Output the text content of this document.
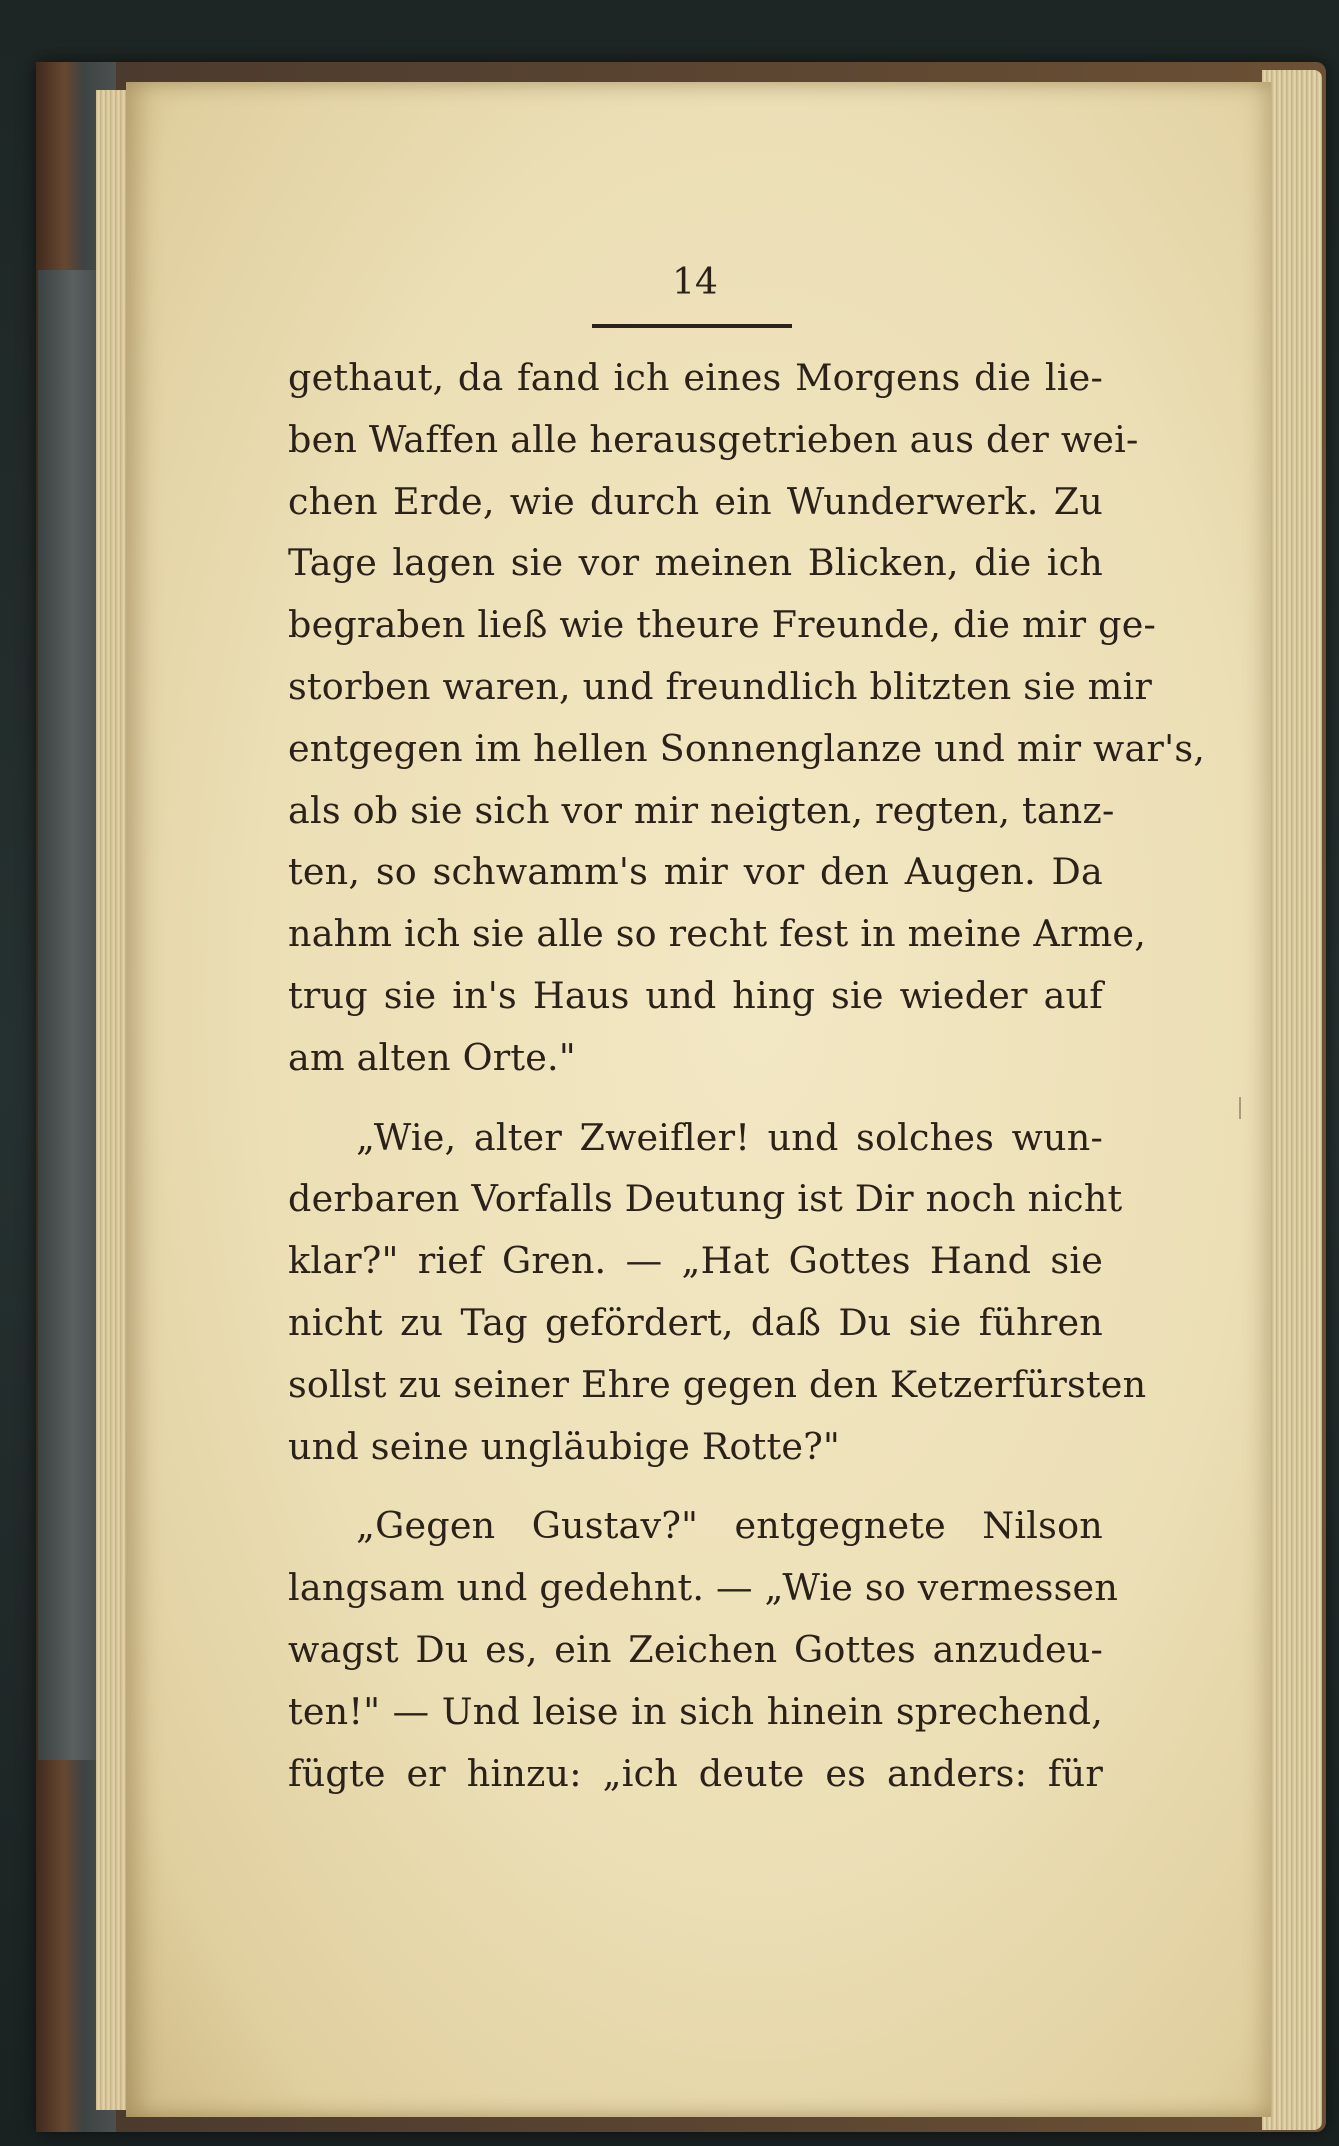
14
gethaut, da fand ich eines Morgens die lie-
ben Waffen alle herausgetrieben aus der wei-
chen Erde, wie durch ein Wunderwerk. Zu
Tage lagen sie vor meinen Blicken, die ich
begraben ließ wie theure Freunde, die mir ge-
storben waren, und freundlich blitzten sie mir
entgegen im hellen Sonnenglanze und mir war's,
als ob sie sich vor mir neigten, regten, tanz-
ten, so schwamm's mir vor den Augen. Da
nahm ich sie alle so recht fest in meine Arme,
trug sie in's Haus und hing sie wieder auf
am alten Orte."
„Wie, alter Zweifler! und solches wun-
derbaren Vorfalls Deutung ist Dir noch nicht
klar?" rief Gren. — „Hat Gottes Hand sie
nicht zu Tag gefördert, daß Du sie führen
sollst zu seiner Ehre gegen den Ketzerfürsten
und seine ungläubige Rotte?"
„Gegen Gustav?" entgegnete Nilson
langsam und gedehnt. — „Wie so vermessen
wagst Du es, ein Zeichen Gottes anzudeu-
ten!" — Und leise in sich hinein sprechend,
fügte er hinzu: „ich deute es anders: für
